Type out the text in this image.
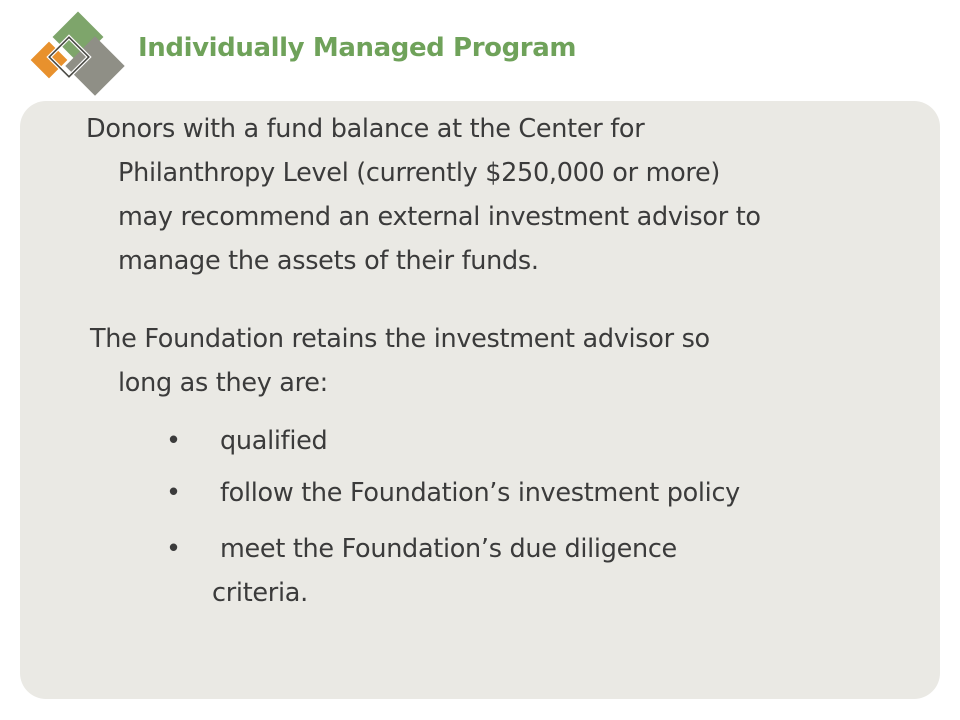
Individually Managed Program
Donors with a fund balance at the Center for
Philanthropy Level (currently $250,000 or more)
may recommend an external investment advisor to
manage the assets of their funds.
The Foundation retains the investment advisor so
long as they are:
• qualified
• follow the Foundation’s investment policy
• meet the Foundation’s due diligence
criteria.
